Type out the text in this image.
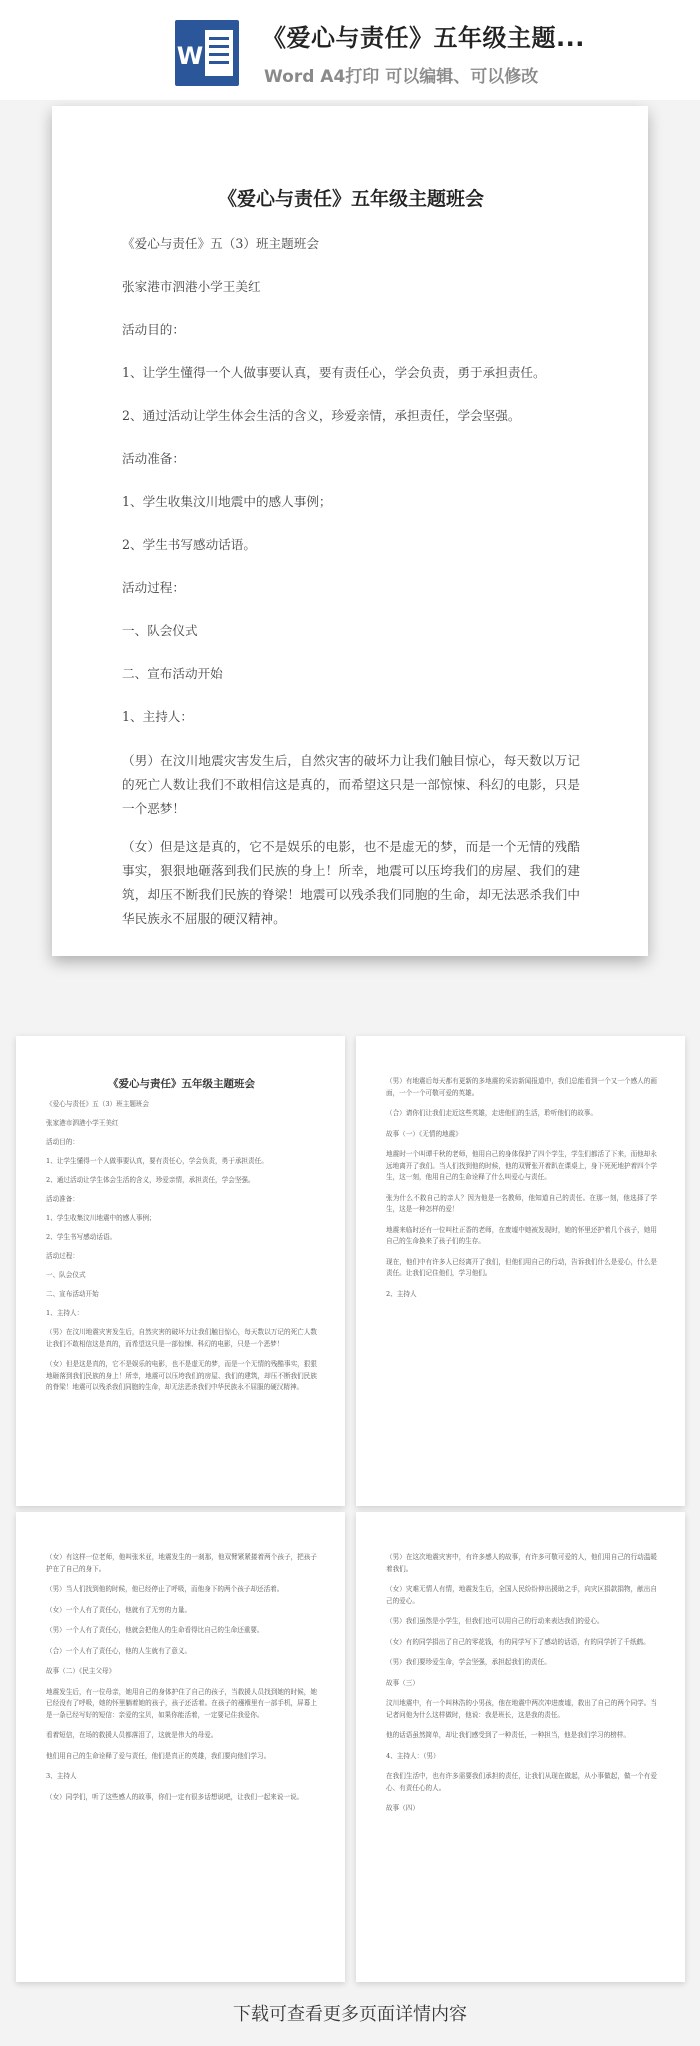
W
《爱心与责任》五年级主题...
Word A4打印 可以编辑、可以修改
《爱心与责任》五年级主题班会
《爱心与责任》五（3）班主题班会
张家港市泗港小学王美红
活动目的：
1、让学生懂得一个人做事要认真，要有责任心，学会负责，勇于承担责任。
2、通过活动让学生体会生活的含义，珍爱亲情，承担责任，学会坚强。
活动准备：
1、学生收集汶川地震中的感人事例；
2、学生书写感动话语。
活动过程：
一、队会仪式
二、宣布活动开始
1、主持人：

（男）在汶川地震灾害发生后，自然灾害的破坏力让我们触目惊心，每天数以万记的死亡人数让我们不敢相信这是真的，而希望这只是一部惊悚、科幻的电影，只是一个恶梦！

（女）但是这是真的，它不是娱乐的电影，也不是虚无的梦，而是一个无情的残酷事实，狠狠地砸落到我们民族的身上！所幸，地震可以压垮我们的房屋、我们的建筑，却压不断我们民族的脊梁！地震可以残杀我们同胞的生命，却无法恶杀我们中华民族永不屈服的硬汉精神。

《爱心与责任》五年级主题班会
《爱心与责任》五（3）班主题班会
张家港市泗港小学王美红
活动目的：
1、让学生懂得一个人做事要认真，要有责任心，学会负责，勇于承担责任。
2、通过活动让学生体会生活的含义，珍爱亲情，承担责任，学会坚强。
活动准备：
1、学生收集汶川地震中的感人事例；
2、学生书写感动话语。
活动过程：
一、队会仪式
二、宣布活动开始
1、主持人：

（男）在汶川地震灾害发生后，自然灾害的破坏力让我们触目惊心，每天数以万记的死亡人数让我们不敢相信这是真的，而希望这只是一部惊悚、科幻的电影，只是一个恶梦！

（女）但是这是真的，它不是娱乐的电影，也不是虚无的梦，而是一个无情的残酷事实，狠狠地砸落到我们民族的身上！所幸，地震可以压垮我们的房屋、我们的建筑，却压不断我们民族的脊梁！地震可以残杀我们同胞的生命，却无法恶杀我们中华民族永不屈服的硬汉精神。

（男）有地震后每天都有更新的多地震的采访新闻报道中，我们总能看到一个又一个感人的画面，一个一个可敬可爱的英雄。

（合）请你们让我们走近这些英雄，走进他们的生活，聆听他们的故事。

故事（一）《无情的地震》

地震时一个叫谭千秋的老师，他用自己的身体保护了四个学生，学生们都活了下来，而他却永远地离开了我们。当人们找到他的时候，他的双臂张开着趴在课桌上，身下死死地护着四个学生，这一刻，他用自己的生命诠释了什么叫爱心与责任。

张为什么不救自己的亲人？因为他是一名教师，他知道自己的责任。在那一刻，他选择了学生，这是一种怎样的爱！

地震来临时还有一位叫杜正香的老师，在废墟中她被发现时，她的怀里还护着几个孩子，她用自己的生命换来了孩子们的生存。

现在，他们中有许多人已经离开了我们，但他们用自己的行动，告诉我们什么是爱心，什么是责任。让我们记住他们，学习他们。

2、主持人

（女）有这样一位老师，他叫张米亚，地震发生的一刹那，他双臂紧紧搂着两个孩子，把孩子护在了自己的身下。

（男）当人们找到他的时候，他已经停止了呼吸，而他身下的两个孩子却还活着。

（女）一个人有了责任心，他就有了无穷的力量。

（男）一个人有了责任心，他就会把他人的生命看得比自己的生命还重要。

（合）一个人有了责任心，他的人生就有了意义。

故事（二）《民主父母》

地震发生后，有一位母亲，她用自己的身体护住了自己的孩子，当救援人员找到她的时候，她已经没有了呼吸，她的怀里躺着她的孩子，孩子还活着。在孩子的襁褓里有一部手机，屏幕上是一条已经写好的短信：亲爱的宝贝，如果你能活着，一定要记住我爱你。

看着短信，在场的救援人员都落泪了，这就是伟大的母爱。

他们用自己的生命诠释了爱与责任，他们是真正的英雄，我们要向他们学习。

3、主持人

（女）同学们，听了这些感人的故事，你们一定有很多话想说吧，让我们一起来说一说。

（男）在这次地震灾害中，有许多感人的故事，有许多可敬可爱的人，他们用自己的行动温暖着我们。

（女）灾难无情人有情，地震发生后，全国人民纷纷伸出援助之手，向灾区捐款捐物，献出自己的爱心。

（男）我们虽然是小学生，但我们也可以用自己的行动来表达我们的爱心。

（女）有的同学捐出了自己的零花钱，有的同学写下了感动的话语，有的同学折了千纸鹤。

（男）我们要珍爱生命，学会坚强，承担起我们的责任。

故事（三）

汶川地震中，有一个叫林浩的小男孩，他在地震中两次冲进废墟，救出了自己的两个同学。当记者问他为什么这样做时，他说：我是班长，这是我的责任。

他的话语虽然简单，却让我们感受到了一种责任，一种担当，他是我们学习的榜样。

4、主持人：（男）

在我们生活中，也有许多需要我们承担的责任，让我们从现在做起，从小事做起，做一个有爱心、有责任心的人。

故事（四）

下载可查看更多页面详情内容
